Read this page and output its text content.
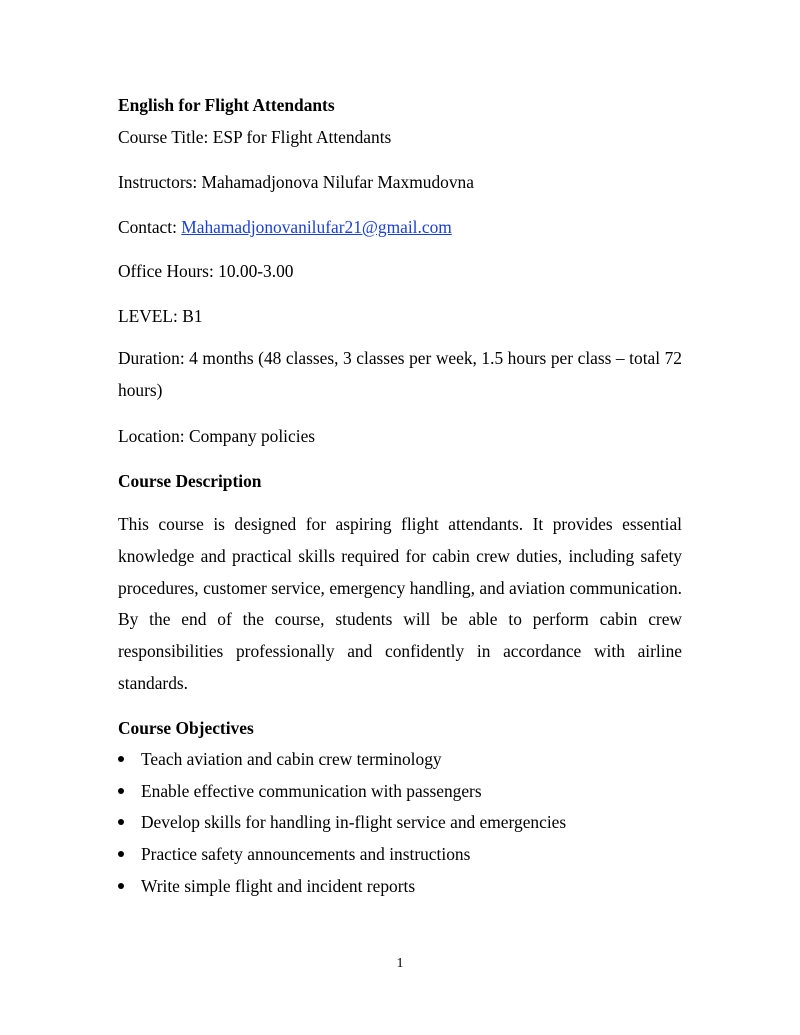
English for Flight Attendants
Course Title: ESP for Flight Attendants
Instructors: Mahamadjonova Nilufar Maxmudovna
Contact: Mahamadjonovanilufar21@gmail.com
Office Hours: 10.00-3.00
LEVEL: B1

Duration: 4 months (48 classes, 3 classes per week, 1.5 hours per class – total 72 hours)

Location: Company policies
Course Description

This course is designed for aspiring flight attendants. It provides essential knowledge and practical skills required for cabin crew duties, including safety procedures, customer service, emergency handling, and aviation communication. By the end of the course, students will be able to perform cabin crew responsibilities professionally and confidently in accordance with airline standards.

Course Objectives
Teach aviation and cabin crew terminology
Enable effective communication with passengers
Develop skills for handling in-flight service and emergencies
Practice safety announcements and instructions
Write simple flight and incident reports
1
